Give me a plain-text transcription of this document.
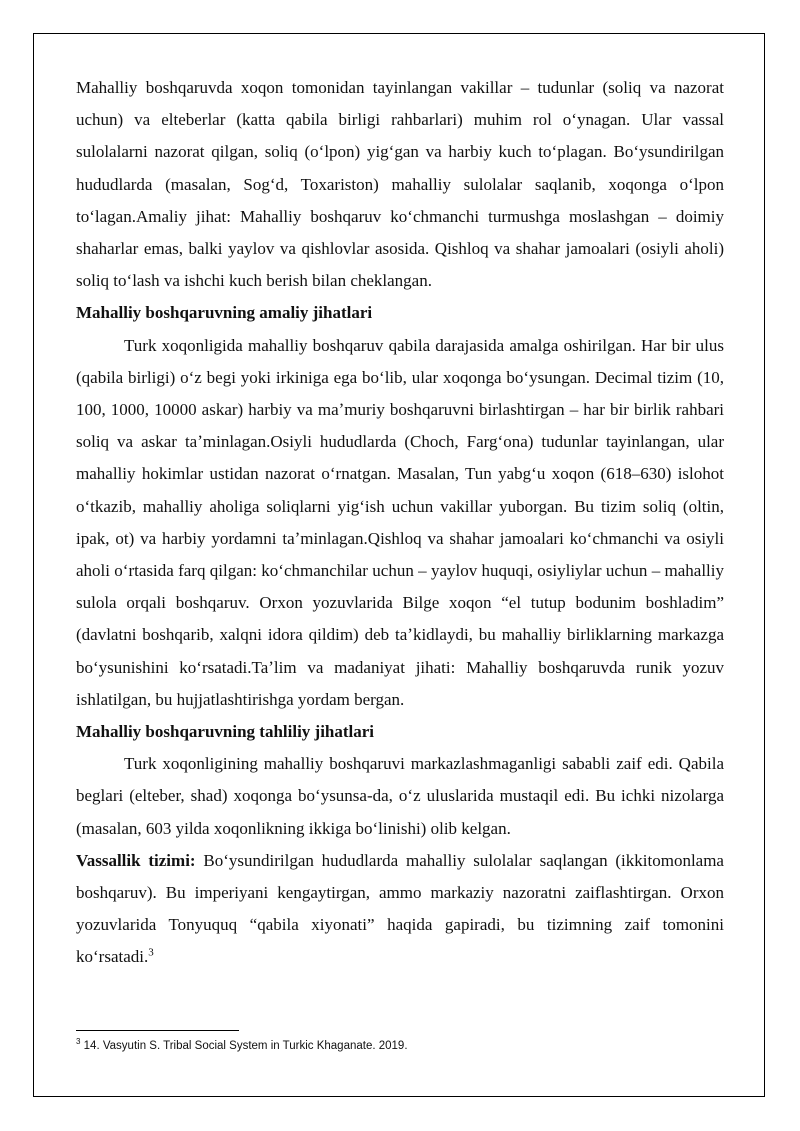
Mahalliy boshqaruvda xoqon tomonidan tayinlangan vakillar – tudunlar (soliq va nazorat uchun) va elteberlar (katta qabila birligi rahbarlari) muhim rol oʻynagan. Ular vassal sulolalarni nazorat qilgan, soliq (oʻlpon) yigʻgan va harbiy kuch toʻplagan. Boʻysundirilgan hududlarda (masalan, Sogʻd, Toxariston) mahalliy sulolalar saqlanib, xoqonga oʻlpon toʻlagan.Amaliy jihat: Mahalliy boshqaruv koʻchmanchi turmushga moslashgan – doimiy shaharlar emas, balki yaylov va qishlovlar asosida. Qishloq va shahar jamoalari (osiyli aholi) soliq toʻlash va ishchi kuch berish bilan cheklangan.

Mahalliy boshqaruvning amaliy jihatlari

Turk xoqonligida mahalliy boshqaruv qabila darajasida amalga oshirilgan. Har bir ulus (qabila birligi) oʻz begi yoki irkiniga ega boʻlib, ular xoqonga boʻysungan. Decimal tizim (10, 100, 1000, 10000 askar) harbiy va maʼmuriy boshqaruvni birlashtirgan – har bir birlik rahbari soliq va askar taʼminlagan.Osiyli hududlarda (Choch, Fargʻona) tudunlar tayinlangan, ular mahalliy hokimlar ustidan nazorat oʻrnatgan. Masalan, Tun yabgʻu xoqon (618–630) islohot oʻtkazib, mahalliy aholiga soliqlarni yigʻish uchun vakillar yuborgan. Bu tizim soliq (oltin, ipak, ot) va harbiy yordamni taʼminlagan.Qishloq va shahar jamoalari koʻchmanchi va osiyli aholi oʻrtasida farq qilgan: koʻchmanchilar uchun – yaylov huquqi, osiyliylar uchun – mahalliy sulola orqali boshqaruv. Orxon yozuvlarida Bilge xoqon “el tutup bodunim boshladim” (davlatni boshqarib, xalqni idora qildim) deb taʼkidlaydi, bu mahalliy birliklarning markazga boʻysunishini koʻrsatadi.Taʼlim va madaniyat jihati: Mahalliy boshqaruvda runik yozuv ishlatilgan, bu hujjatlashtirishga yordam bergan.

Mahalliy boshqaruvning tahliliy jihatlari

Turk xoqonligining mahalliy boshqaruvi markazlashmaganligi sababli zaif edi. Qabila beglari (elteber, shad) xoqonga boʻysunsa-da, oʻz uluslarida mustaqil edi. Bu ichki nizolarga (masalan, 603 yilda xoqonlikning ikkiga boʻlinishi) olib kelgan.

Vassallik tizimi: Boʻysundirilgan hududlarda mahalliy sulolalar saqlangan (ikkitomonlama boshqaruv). Bu imperiyani kengaytirgan, ammo markaziy nazoratni zaiflashtirgan. Orxon yozuvlarida Tonyuquq “qabila xiyonati” haqida gapiradi, bu tizimning zaif tomonini koʻrsatadi.$^3$

$^3$ 14. Vasyutin S. Tribal Social System in Turkic Khaganate. 2019.
